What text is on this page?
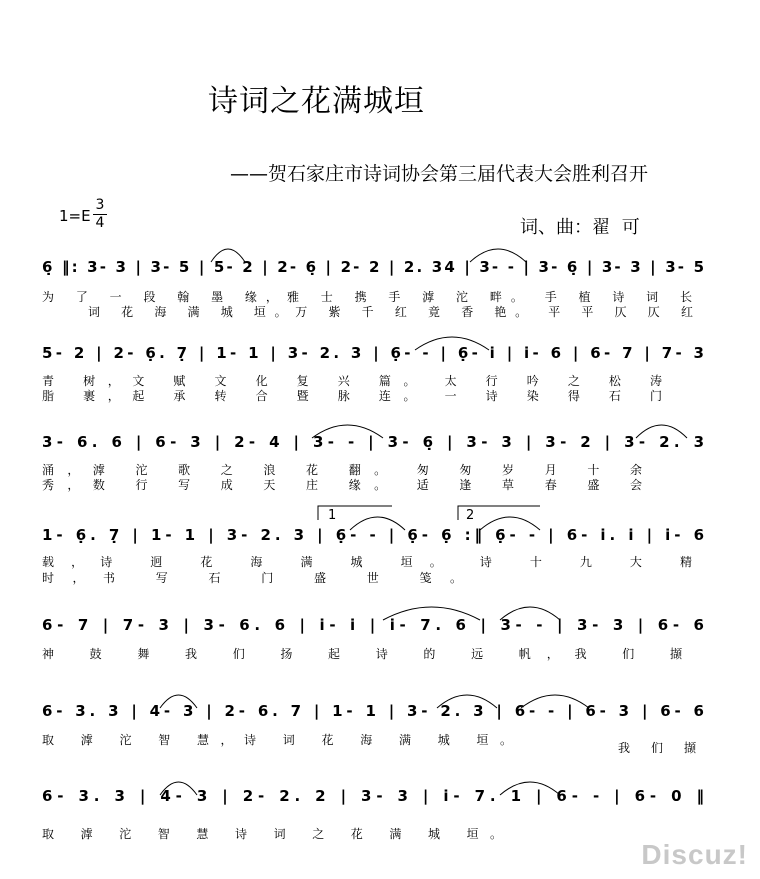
诗词之花满城垣
——贺石家庄市诗词协会第三届代表大会胜利召开
1=E
3
4	词、曲：翟 可
6̣ ‖: 3- 3 | 3- 5 | 5- 2 | 2- 6̣ | 2- 2 | 2. 34 | 3- - | 3- 6̣ | 3- 3 | 3- 5
为 了 一 段 翰 墨 缘，雅 士 携 手 滹 沱 畔。 手 植 诗 词 长
词 花 海 满 城 垣。万 紫 千 红 竟 香 艳。 平 平 仄 仄 红
5- 2 | 2- 6̣. 7̣ | 1- 1 | 3- 2. 3 | 6̣- - | 6̣- i | i- 6 | 6- 7 | 7- 3
青 树，文 赋 文 化 复 兴 篇。 太 行 吟 之 松 涛
脂 裹，起 承 转 合 暨 脉 连。 一 诗 染 得 石 门
3- 6. 6 | 6- 3 | 2- 4 | 3- - | 3- 6̣ | 3- 3 | 3- 2 | 3- 2. 3
涌，滹 沱 歌 之 浪 花 翻。 匆 匆 岁 月 十 余
秀，数 行 写 成 天 庄 缘。 适 逢 草 春 盛 会
1- 6̣. 7̣ | 1- 1 | 3- 2. 3 | 6̣- - | 6̣- 6̣ :‖ 6̣- - | 6- i. i | i- 6
载，诗 迥 花 海 满 城 垣。 诗 十 九 大 精
时，书 写 石 门 盛 世 笺。
6- 7 | 7- 3 | 3- 6. 6 | i- i | i- 7. 6 | 3- - | 3- 3 | 6- 6
神 鼓 舞 我 们 扬 起 诗 的 远 帆，我 们 撷
6- 3. 3 | 4- 3 | 2- 6. 7 | 1- 1 | 3- 2. 3 | 6- - | 6- 3 | 6- 6
取 滹 沱 智 慧，诗 词 花 海 满 城 垣。
我 们 撷
6- 3. 3 | 4- 3 | 2- 2. 2 | 3- 3 | i- 7. 1 | 6- - | 6- 0 ‖
取 滹 沱 智 慧 诗 词 之 花 满 城 垣。
1	2
Discuz!
